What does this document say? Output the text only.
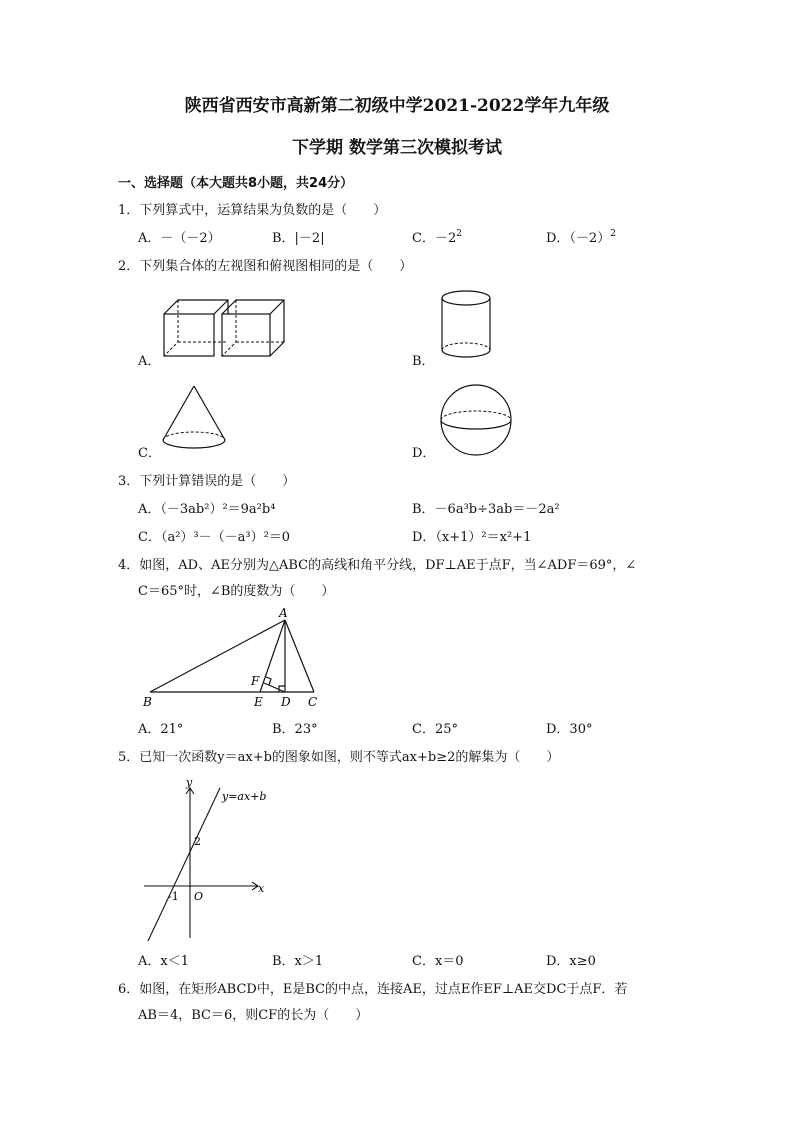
陕西省西安市高新第二初级中学2021-2022学年九年级
下学期 数学第三次模拟考试
一、选择题（本大题共8小题，共24分）
1．下列算式中，运算结果为负数的是（　　）
A．－（－2）	B．|－2|	C．$-2^2$	D．$(-2)^2$
2．下列集合体的左视图和俯视图相同的是（　　）
A．	B．
C．	D．
3．下列计算错误的是（　　）
A．（－3ab²）²＝9a²b⁴	B．－6a³b÷3ab＝－2a²
C．（a²）³－（－a³）²＝0	D．（x+1）²＝x²+1
4．如图，AD、AE分别为△ABC的高线和角平分线，DF⊥AE于点F，当∠ADF＝69°，∠
C＝65°时，∠B的度数为（　　）
A
B	C
D
E
F
A．21°	B．23°	C．25°	D．30°
5．已知一次函数y＝ax+b的图象如图，则不等式ax+b≥2的解集为（　　）
y
x
O
2
-1
y=ax+b
A．x＜1	B．x＞1	C．x＝0	D．x≥0
6．如图，在矩形ABCD中，E是BC的中点，连接AE，过点E作EF⊥AE交DC于点F．若
AB＝4，BC＝6，则CF的长为（　　）
